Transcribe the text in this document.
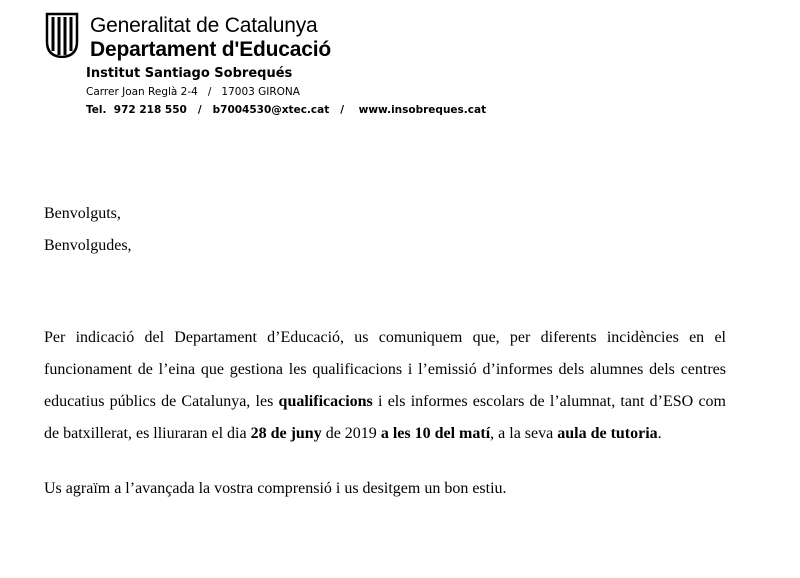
Generalitat de Catalunya
Departament d'Educació
Institut Santiago Sobrequés
Carrer Joan Reglà 2-4   /   17003 GIRONA
Tel.  972 218 550   /   b7004530@xtec.cat   /    www.insobreques.cat
Benvolguts,
Benvolgudes,

Per indicació del Departament d’Educació, us comuniquem que, per diferents incidències en el funcionament de l’eina que gestiona les qualificacions i l’emissió d’informes dels alumnes dels centres educatius públics de Catalunya, les qualificacions i els informes escolars de l’alumnat, tant d’ESO com de batxillerat, es lliuraran el dia 28 de juny de 2019 a les 10 del matí, a la seva aula de tutoria.

Us agraïm a l’avançada la vostra comprensió i us desitgem un bon estiu.
